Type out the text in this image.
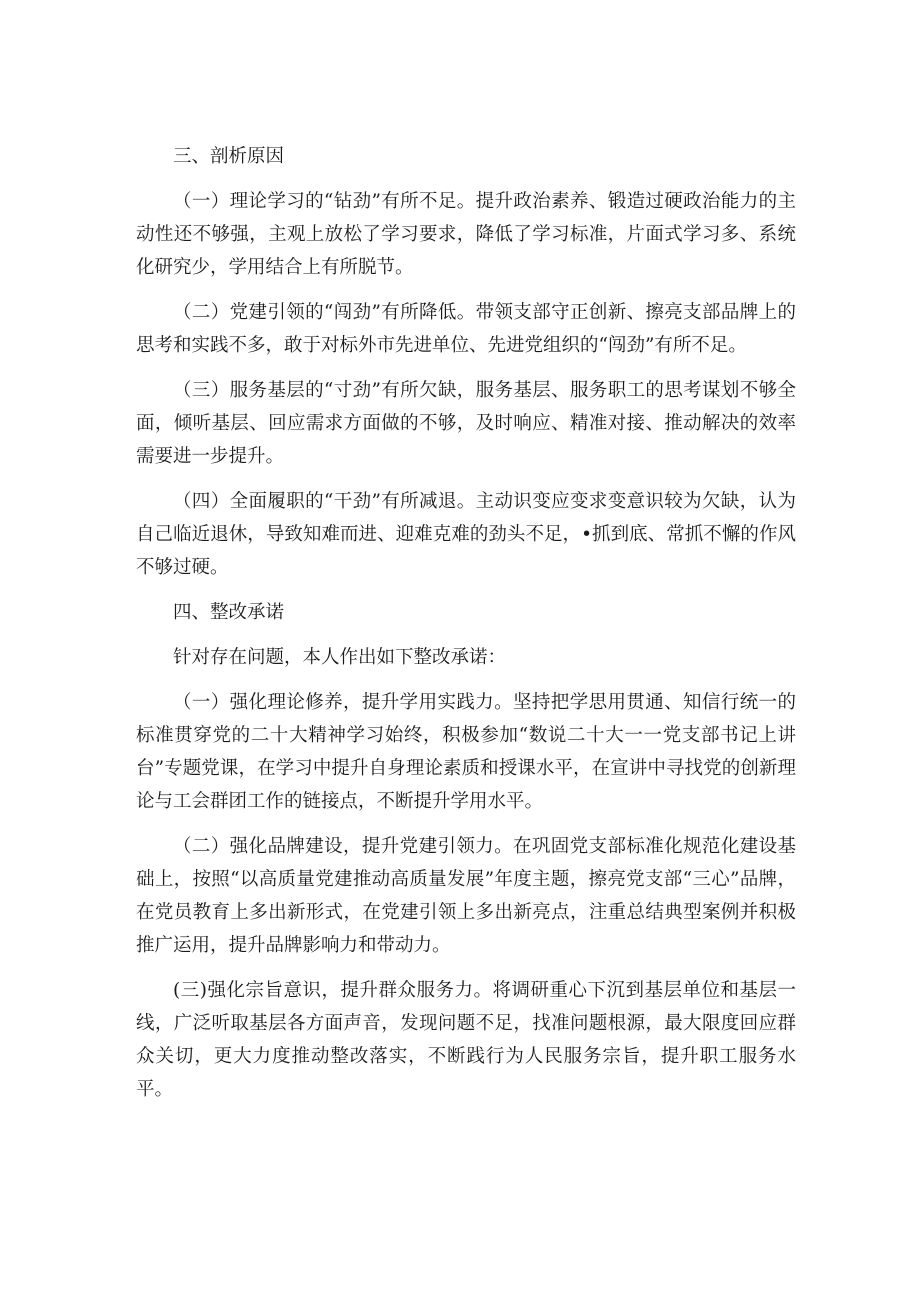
三、剖析原因
（一）理论学习的“钻劲”有所不足。提升政治素养、锻造过硬政治能力的主动性还不够强，主观上放松了学习要求，降低了学习标准，片面式学习多、系统化研究少，学用结合上有所脱节。
（二）党建引领的“闯劲”有所降低。带领支部守正创新、擦亮支部品牌上的思考和实践不多，敢于对标外市先进单位、先进党组织的“闯劲”有所不足。
（三）服务基层的“寸劲”有所欠缺，服务基层、服务职工的思考谋划不够全面，倾听基层、回应需求方面做的不够，及时响应、精准对接、推动解决的效率需要进一步提升。
（四）全面履职的“干劲”有所减退。主动识变应变求变意识较为欠缺，认为自己临近退休，导致知难而进、迎难克难的劲头不足，•抓到底、常抓不懈的作风不够过硬。
四、整改承诺
针对存在问题，本人作出如下整改承诺：
（一）强化理论修养，提升学用实践力。坚持把学思用贯通、知信行统一的标准贯穿党的二十大精神学习始终，积极参加“数说二十大一一党支部书记上讲台”专题党课，在学习中提升自身理论素质和授课水平，在宣讲中寻找党的创新理论与工会群团工作的链接点，不断提升学用水平。
（二）强化品牌建设，提升党建引领力。在巩固党支部标准化规范化建设基础上，按照“以高质量党建推动高质量发展”年度主题，擦亮党支部“三心”品牌，在党员教育上多出新形式，在党建引领上多出新亮点，注重总结典型案例并积极推广运用，提升品牌影响力和带动力。
(三)强化宗旨意识，提升群众服务力。将调研重心下沉到基层单位和基层一线，广泛听取基层各方面声音，发现问题不足，找准问题根源，最大限度回应群众关切，更大力度推动整改落实，不断践行为人民服务宗旨，提升职工服务水平。
